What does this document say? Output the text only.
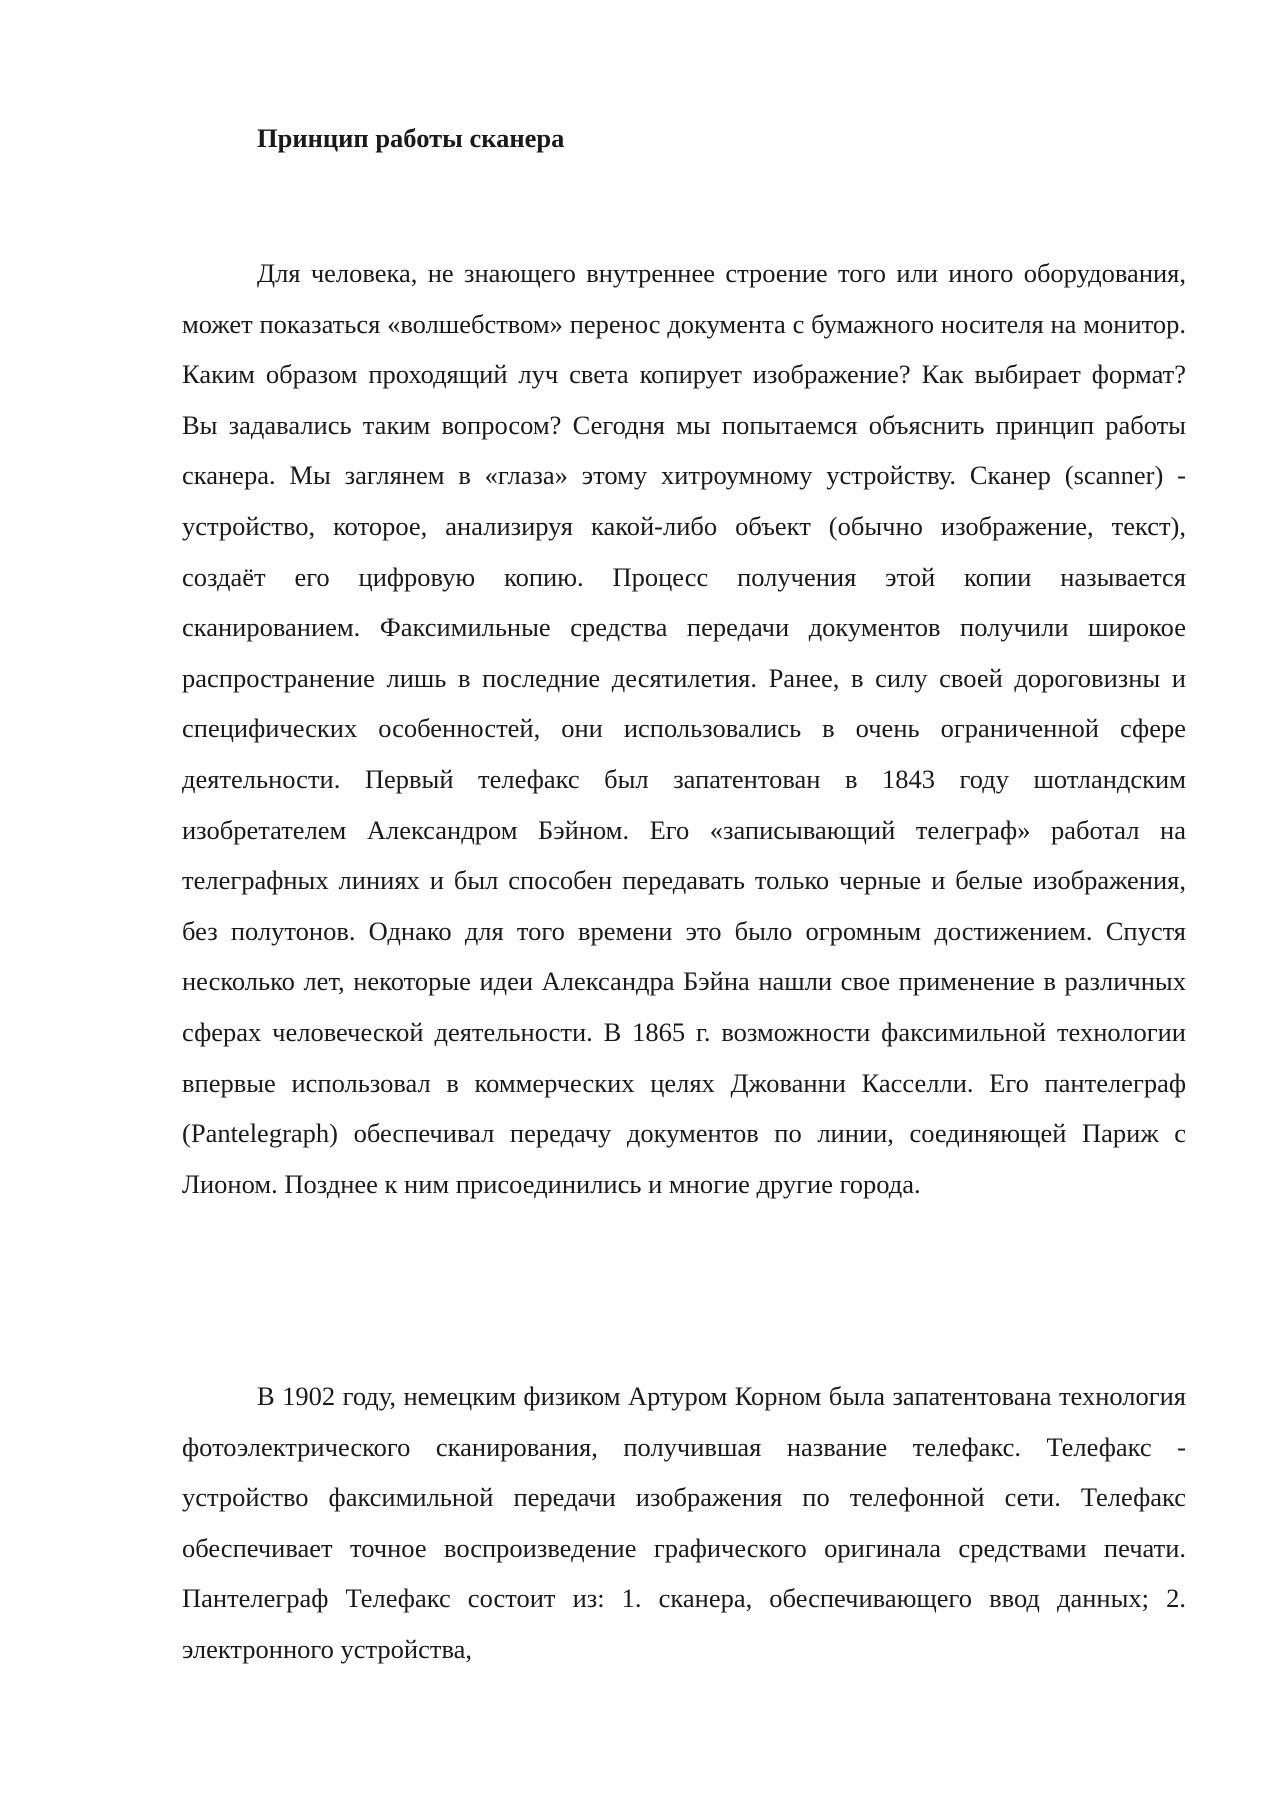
Принцип работы сканера

Для человека, не знающего внутреннее строение того или иного оборудования, может показаться «волшебством» перенос документа с бумажного носителя на монитор. Каким образом проходящий луч света копирует изображение? Как выбирает формат? Вы задавались таким вопросом? Сегодня мы попытаемся объяснить принцип работы сканера. Мы заглянем в «глаза» этому хитроумному устройству. Сканер (scanner) - устройство, которое, анализируя какой-либо объект (обычно изображение, текст), создаёт его цифровую копию. Процесс получения этой копии называется сканированием. Факсимильные средства передачи документов получили широкое распространение лишь в последние десятилетия. Ранее, в силу своей дороговизны и специфических особенностей, они использовались в очень ограниченной сфере деятельности. Первый телефакс был запатентован в 1843 году шотландским изобретателем Александром Бэйном. Его «записывающий телеграф» работал на телеграфных линиях и был способен передавать только черные и белые изображения, без полутонов. Однако для того времени это было огромным достижением. Спустя несколько лет, некоторые идеи Александра Бэйна нашли свое применение в различных сферах человеческой деятельности. В 1865 г. возможности факсимильной технологии впервые использовал в коммерческих целях Джованни Касселли. Его пантелеграф (Pantelegraph) обеспечивал передачу документов по линии, соединяющей Париж с Лионом. Позднее к ним присоединились и многие другие города.

В 1902 году, немецким физиком Артуром Корном была запатентована технология фотоэлектрического сканирования, получившая название телефакс. Телефакс - устройство факсимильной передачи изображения по телефонной сети. Телефакс обеспечивает точное воспроизведение графического оригинала средствами печати. Пантелеграф Телефакс состоит из: 1. сканера, обеспечивающего ввод данных; 2. электронного устройства,
